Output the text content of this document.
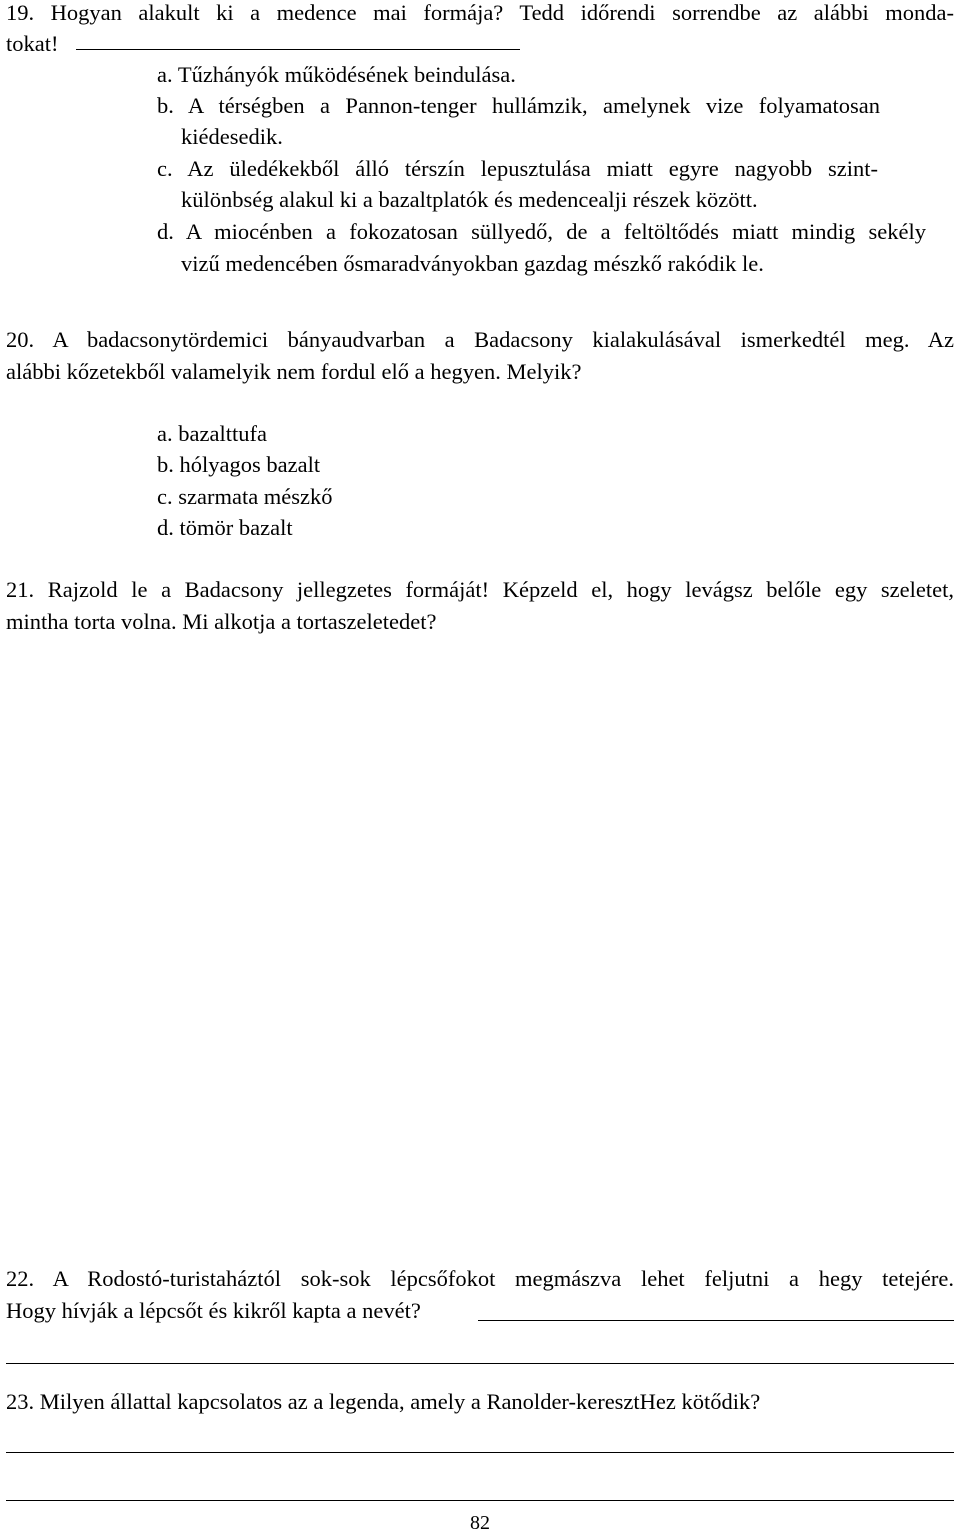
19. Hogyan alakult ki a medence mai formája? Tedd időrendi sorrendbe az alábbi monda-
tokat!
a. Tűzhányók működésének beindulása.
b. A térségben a Pannon-tenger hullámzik, amelynek vize folyamatosan
kiédesedik.
c. Az üledékekből álló térszín lepusztulása miatt egyre nagyobb szint-
különbség alakul ki a bazaltplatók és medencealji részek között.
d. A miocénben a fokozatosan süllyedő, de a feltöltődés miatt mindig sekély
vizű medencében ősmaradványokban gazdag mészkő rakódik le.
20. A badacsonytördemici bányaudvarban a Badacsony kialakulásával ismerkedtél meg. Az
alábbi kőzetekből valamelyik nem fordul elő a hegyen. Melyik?
a. bazalttufa
b. hólyagos bazalt
c. szarmata mészkő
d. tömör bazalt
21. Rajzold le a Badacsony jellegzetes formáját! Képzeld el, hogy levágsz belőle egy szeletet,
mintha torta volna. Mi alkotja a tortaszeletedet?
22. A Rodostó-turistaháztól sok-sok lépcsőfokot megmászva lehet feljutni a hegy tetejére.
Hogy hívják a lépcsőt és kikről kapta a nevét?
23. Milyen állattal kapcsolatos az a legenda, amely a Ranolder-keresztHez kötődik?
82
